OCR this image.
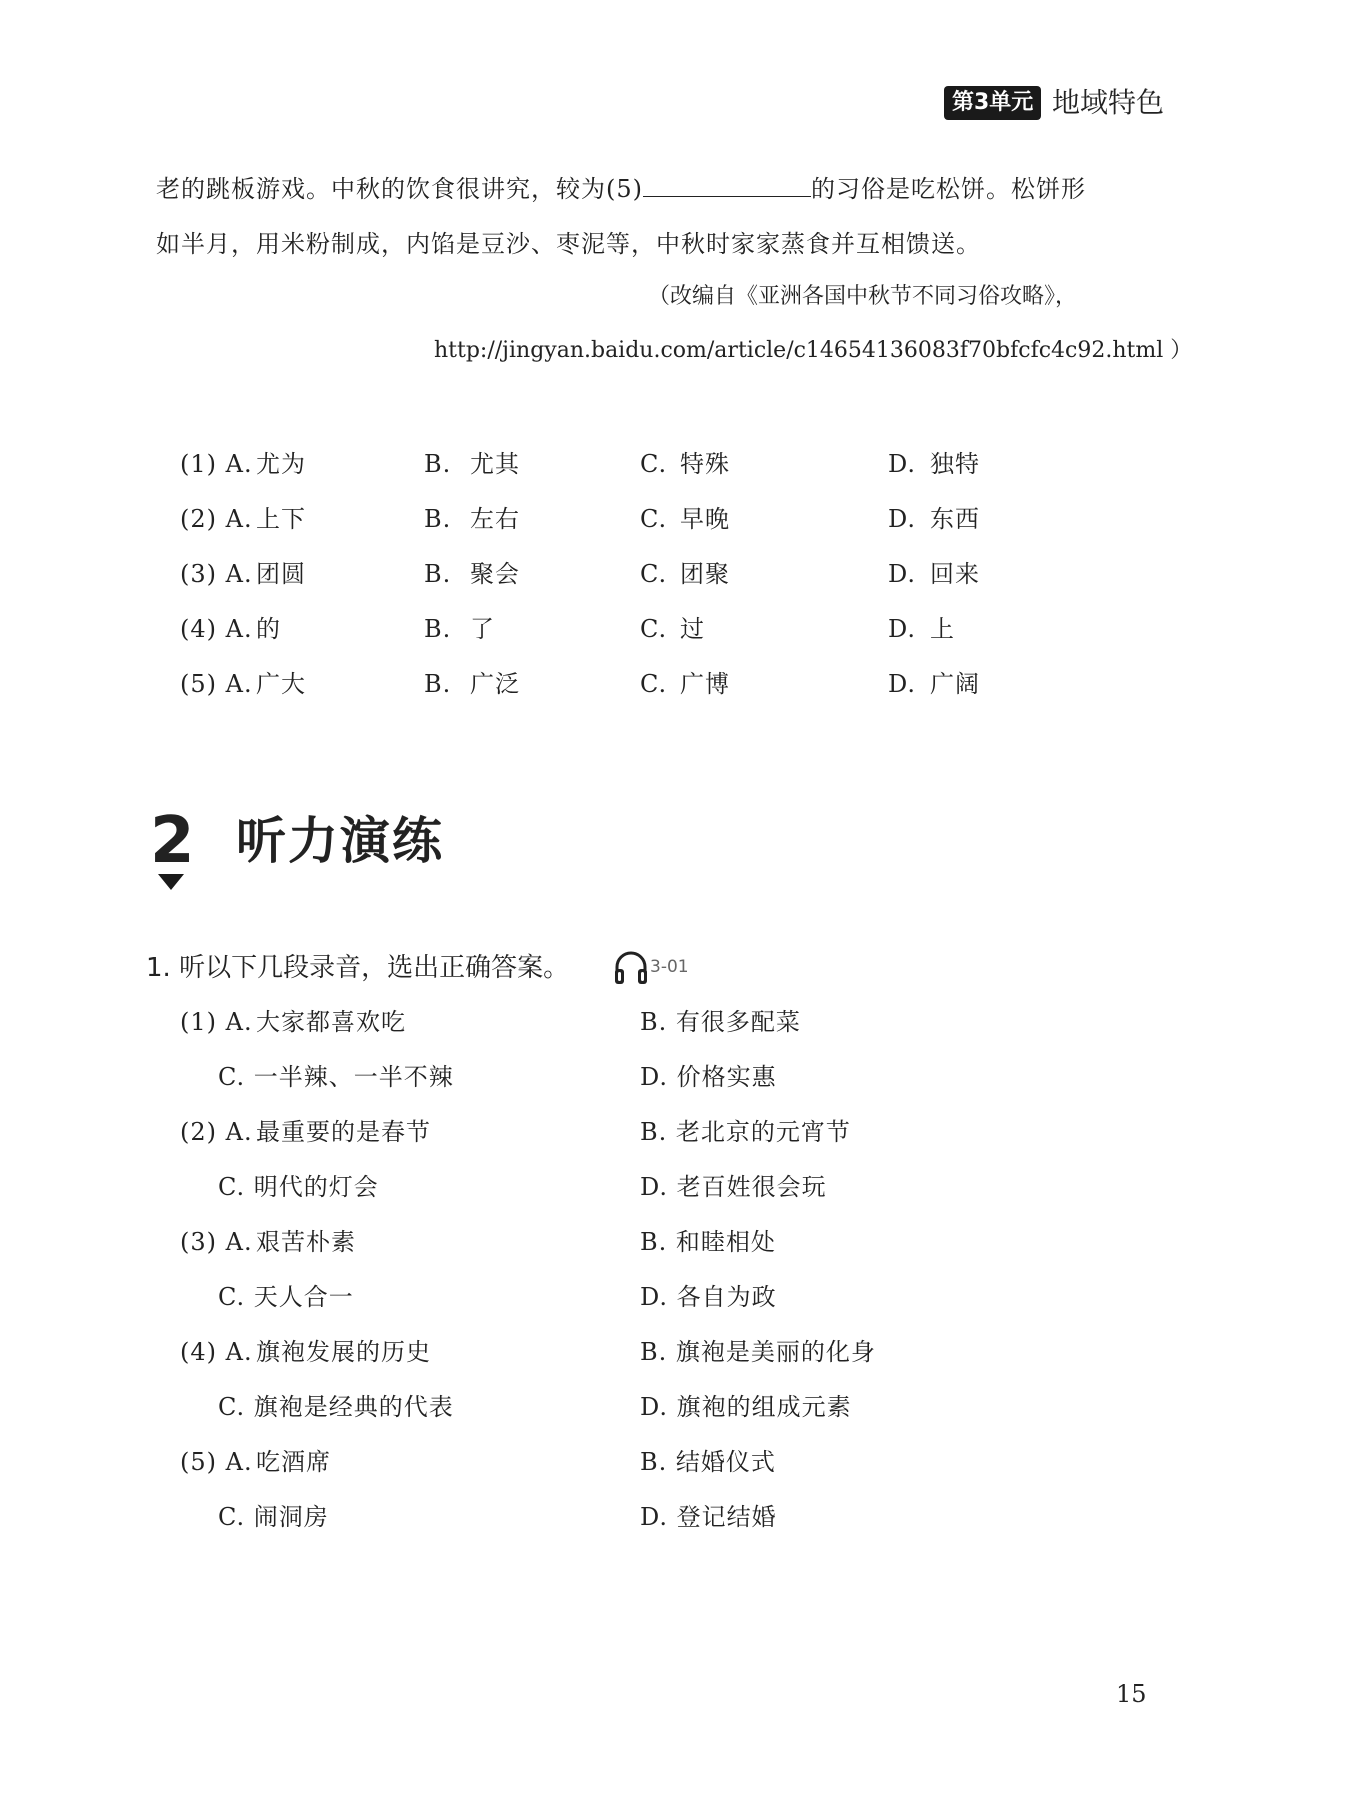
第3单元 地域特色
老的跳板游戏。中秋的饮食很讲究，较为(5)	的习俗是吃松饼。松饼形
如半月，用米粉制成，内馅是豆沙、枣泥等，中秋时家家蒸食并互相馈送。
（改编自《亚洲各国中秋节不同习俗攻略》，
http://jingyan.baidu.com/article/c14654136083f70bfcfc4c92.html ）
(1) A. 尤为	B. 尤其	C. 特殊	D. 独特
(2) A. 上下	B. 左右	C. 早晚	D. 东西
(3) A. 团圆	B. 聚会	C. 团聚	D. 回来
(4) A. 的	B. 了	C. 过	D. 上
(5) A. 广大	B. 广泛	C. 广博	D. 广阔
2 听力演练
1. 听以下几段录音，选出正确答案。	3-01
(1) A. 大家都喜欢吃	B. 有很多配菜
C. 一半辣、一半不辣	D. 价格实惠
(2) A. 最重要的是春节	B. 老北京的元宵节
C. 明代的灯会	D. 老百姓很会玩
(3) A. 艰苦朴素	B. 和睦相处
C. 天人合一	D. 各自为政
(4) A. 旗袍发展的历史	B. 旗袍是美丽的化身
C. 旗袍是经典的代表	D. 旗袍的组成元素
(5) A. 吃酒席	B. 结婚仪式
C. 闹洞房	D. 登记结婚
15
